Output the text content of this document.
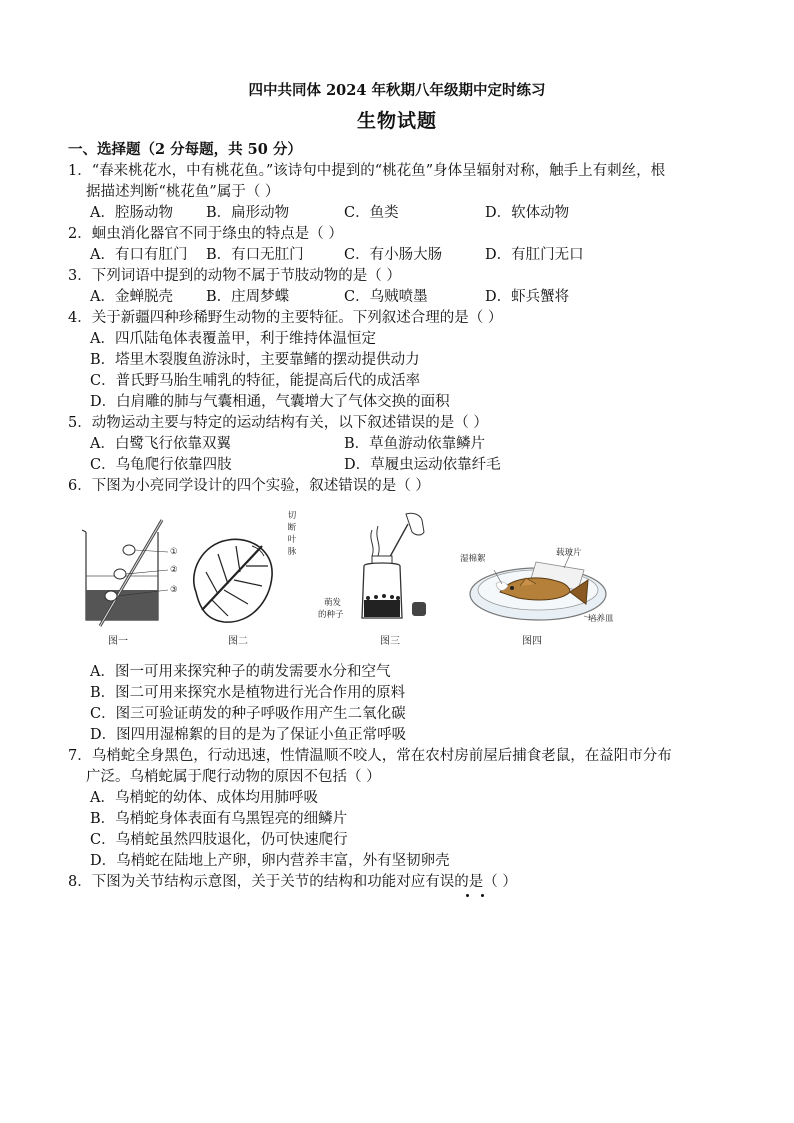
四中共同体 2024 年秋期八年级期中定时练习
生物试题
一、选择题（2 分每题，共 50 分）
1．“春来桃花水，中有桃花鱼。”该诗句中提到的“桃花鱼”身体呈辐射对称，触手上有刺丝，根
据描述判断“桃花鱼”属于（ ）
A．腔肠动物 B．扁形动物	C．鱼类	D．软体动物
2．蛔虫消化器官不同于绦虫的特点是（ ）
A．有口有肛门 B．有口无肛门	C．有小肠大肠	D．有肛门无口
3．下列词语中提到的动物不属于节肢动物的是（ ）
A．金蝉脱壳 B．庄周梦蝶	C．乌贼喷墨	D．虾兵蟹将
4．关于新疆四种珍稀野生动物的主要特征。下列叙述合理的是（ ）
A．四爪陆龟体表覆盖甲，利于维持体温恒定
B．塔里木裂腹鱼游泳时，主要靠鳍的摆动提供动力
C．普氏野马胎生哺乳的特征，能提高后代的成活率
D．白肩雕的肺与气囊相通，气囊增大了气体交换的面积
5．动物运动主要与特定的运动结构有关，以下叙述错误的是（ ）
A．白鹭飞行依靠双翼	B．草鱼游动依靠鳞片
C．乌龟爬行依靠四肢	D．草履虫运动依靠纤毛
6．下图为小亮同学设计的四个实验，叙述错误的是（ ）
①
②
③
图一
切
断
叶
脉
图二
萌发
的种子
图三
湿棉絮
载玻片
培养皿
图四
A．图一可用来探究种子的萌发需要水分和空气
B．图二可用来探究水是植物进行光合作用的原料
C．图三可验证萌发的种子呼吸作用产生二氧化碳
D．图四用湿棉絮的目的是为了保证小鱼正常呼吸
7．乌梢蛇全身黑色，行动迅速，性情温顺不咬人，常在农村房前屋后捕食老鼠，在益阳市分布
广泛。乌梢蛇属于爬行动物的原因不包括（ ）
A．乌梢蛇的幼体、成体均用肺呼吸
B．乌梢蛇身体表面有乌黑锃亮的细鳞片
C．乌梢蛇虽然四肢退化，仍可快速爬行
D．乌梢蛇在陆地上产卵，卵内营养丰富，外有坚韧卵壳
8．下图为关节结构示意图，关于关节的结构和功能对应有误的是（ ）
